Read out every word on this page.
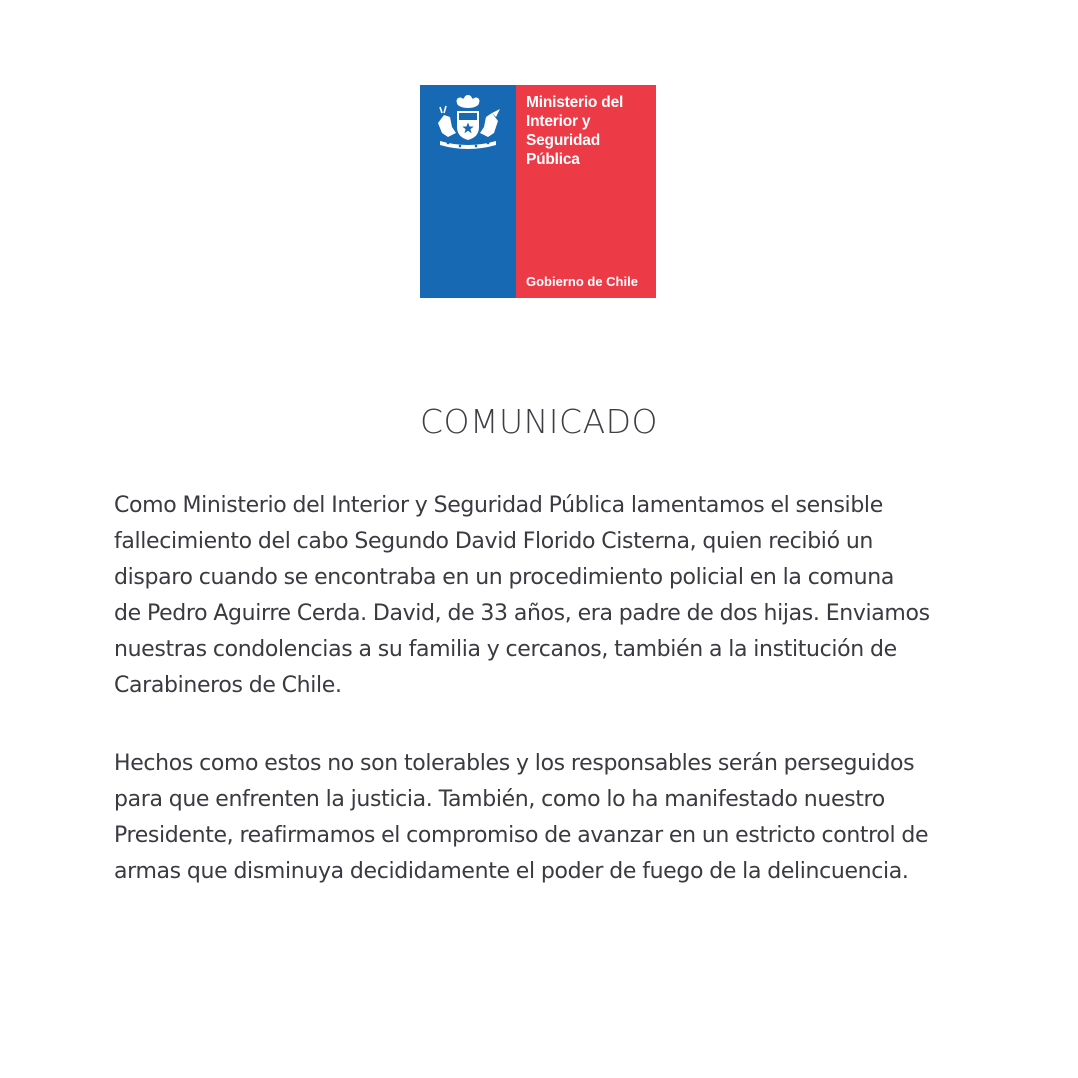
Ministerio del
Interior y
Seguridad
Pública
Gobierno de Chile
COMUNICADO

Como Ministerio del Interior y Seguridad Pública lamentamos el sensible
fallecimiento del cabo Segundo David Florido Cisterna, quien recibió un
disparo cuando se encontraba en un procedimiento policial en la comuna
de Pedro Aguirre Cerda. David, de 33 años, era padre de dos hijas. Enviamos
nuestras condolencias a su familia y cercanos, también a la institución de
Carabineros de Chile.

Hechos como estos no son tolerables y los responsables serán perseguidos
para que enfrenten la justicia. También, como lo ha manifestado nuestro
Presidente, reafirmamos el compromiso de avanzar en un estricto control de
armas que disminuya decididamente el poder de fuego de la delincuencia.
